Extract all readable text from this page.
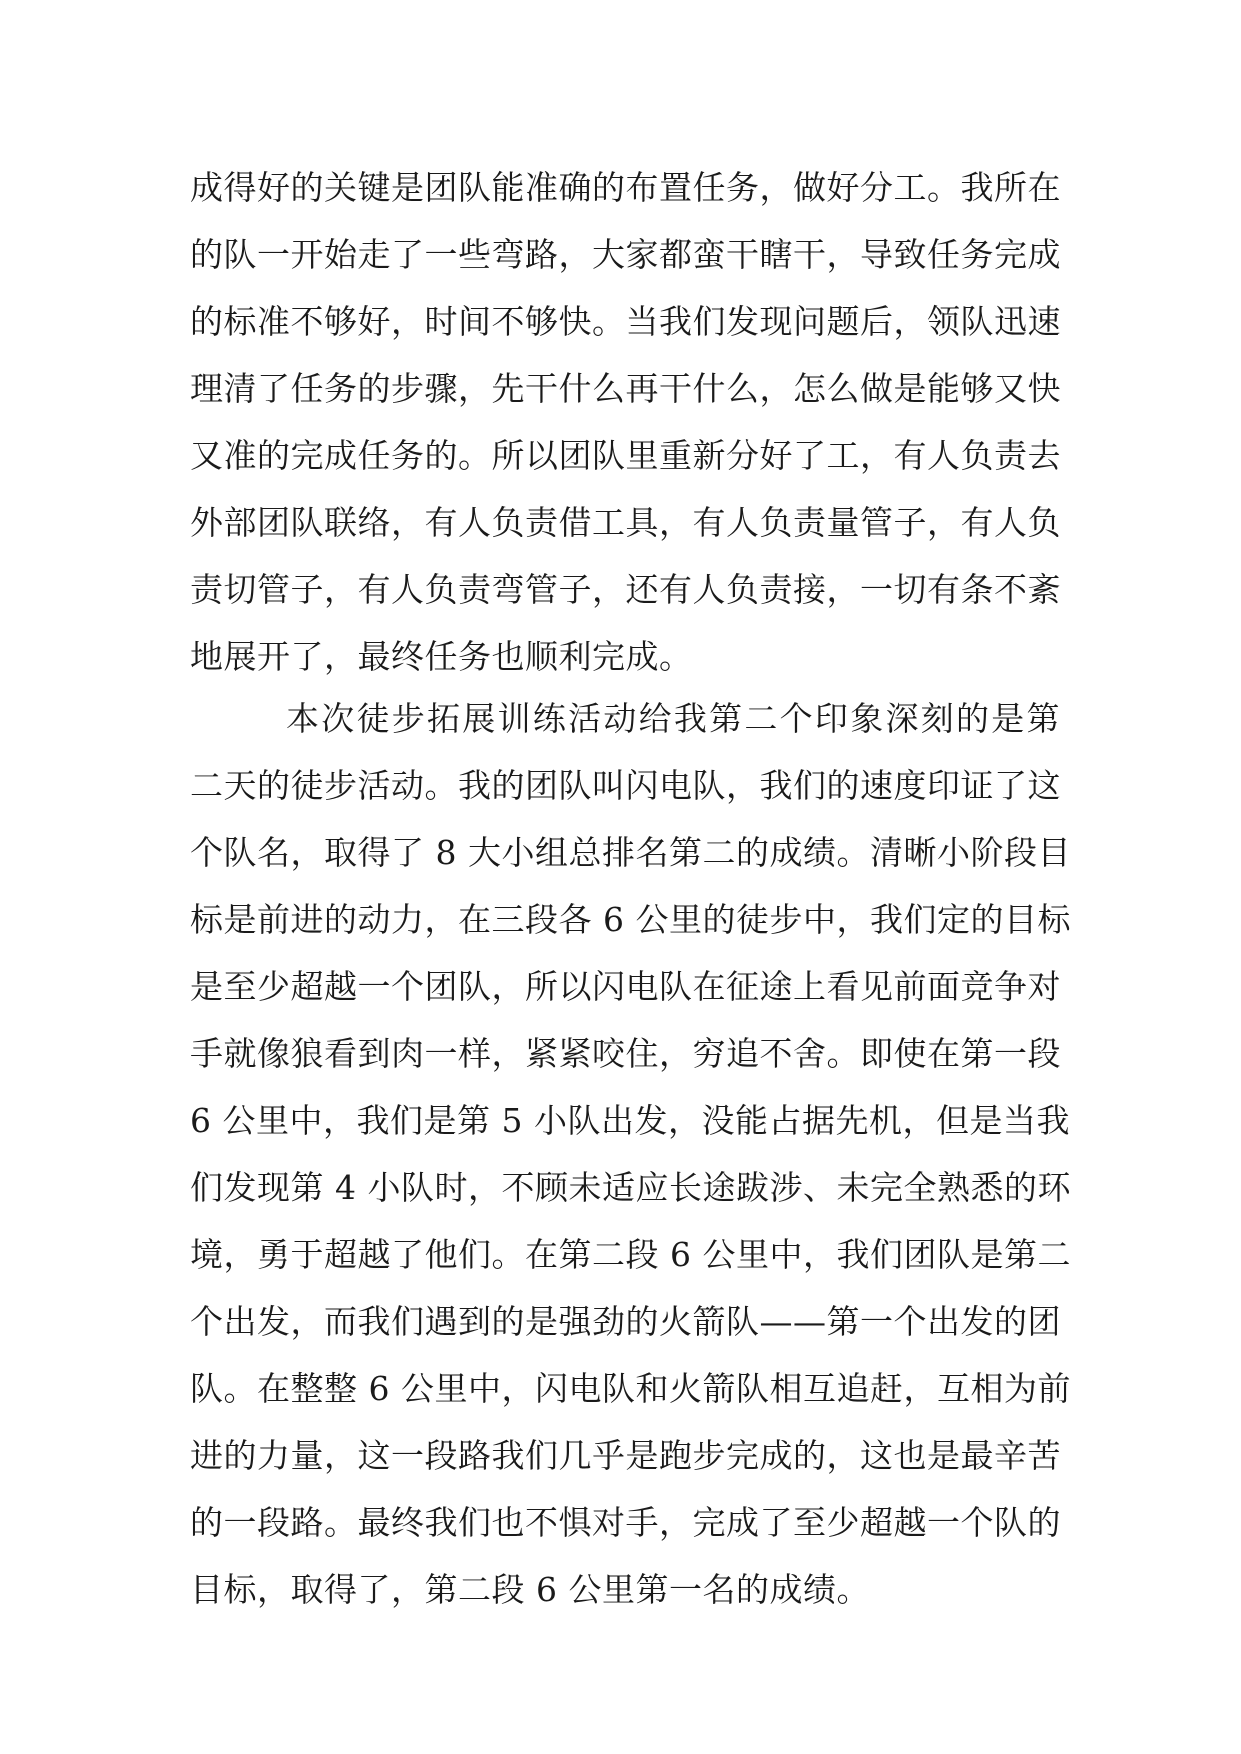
成得好的关键是团队能准确的布置任务，做好分工。我所在
的队一开始走了一些弯路，大家都蛮干瞎干，导致任务完成
的标准不够好，时间不够快。当我们发现问题后，领队迅速
理清了任务的步骤，先干什么再干什么，怎么做是能够又快
又准的完成任务的。所以团队里重新分好了工，有人负责去
外部团队联络，有人负责借工具，有人负责量管子，有人负
责切管子，有人负责弯管子，还有人负责接，一切有条不紊
地展开了，最终任务也顺利完成。

本次徒步拓展训练活动给我第二个印象深刻的是第
二天的徒步活动。我的团队叫闪电队，我们的速度印证了这
个队名，取得了 8 大小组总排名第二的成绩。清晰小阶段目
标是前进的动力，在三段各 6 公里的徒步中，我们定的目标
是至少超越一个团队，所以闪电队在征途上看见前面竞争对
手就像狼看到肉一样，紧紧咬住，穷追不舍。即使在第一段
6 公里中，我们是第 5 小队出发，没能占据先机，但是当我
们发现第 4 小队时，不顾未适应长途跋涉、未完全熟悉的环
境，勇于超越了他们。在第二段 6 公里中，我们团队是第二
个出发，而我们遇到的是强劲的火箭队——第一个出发的团
队。在整整 6 公里中，闪电队和火箭队相互追赶，互相为前
进的力量，这一段路我们几乎是跑步完成的，这也是最辛苦
的一段路。最终我们也不惧对手，完成了至少超越一个队的
目标，取得了，第二段 6 公里第一名的成绩。
